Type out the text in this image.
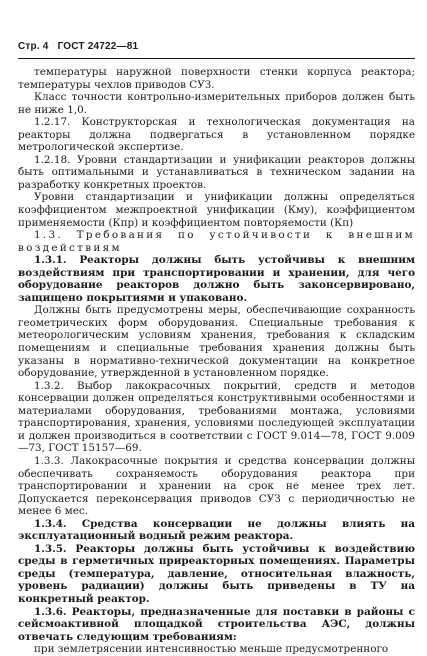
Стр. 4 ГОСТ 24722—81

температуры наружной поверхности стенки корпуса реактора; температуры чехлов приводов СУЗ.

Класс точности контрольно-измерительных приборов должен быть не ниже 1,0.

1.2.17. Конструкторская и технологическая документация на реакторы должна подвергаться в установленном порядке метрологической экспертизе.

1.2.18. Уровни стандартизации и унификации реакторов должны быть оптимальными и устанавливаться в техническом задании на разработку конкретных проектов.

Уровни стандартизации и унификации должны определяться коэффициентом межпроектной унификации (Кму), коэффициентом применяемости (Кпр) и коэффициентом повторяемости (Кп)

1.3. Требования по устойчивости к внешним воздействиям

1.3.1. Реакторы должны быть устойчивы к внешним воздействиям при транспортировании и хранении, для чего оборудование реакторов должно быть законсервировано, защищено покрытиями и упаковано.

Должны быть предусмотрены меры, обеспечивающие сохранность геометрических форм оборудования. Специальные требования к метеорологическим условиям хранения, требования к складским помещениям и специальные требования хранения должны быть указаны в нормативно-технической документации на конкретное оборудование, утвержденной в установленном порядке.

1.3.2. Выбор лакокрасочных покрытий, средств и методов консервации должен определяться конструктивными особенностями и материалами оборудования, требованиями монтажа, условиями транспортирования, хранения, условиями последующей эксплуатации и должен производиться в соответствии с ГОСТ 9.014—78, ГОСТ 9.009—73, ГОСТ 15157—69.

1.3.3. Лакокрасочные покрытия и средства консервации должны обеспечивать сохраняемость оборудования реактора при транспортировании и хранении на срок не менее трех лет. Допускается переконсервация приводов СУЗ с периодичностью не менее 6 мес.

1.3.4. Средства консервации не должны влиять на эксплуатационный водный режим реактора.

1.3.5. Реакторы должны быть устойчивы к воздействию среды в герметичных приреакторных помещениях. Параметры среды (температура, давление, относительная влажность, уровень радиации) должны быть приведены в ТУ на конкретный реактор.

1.3.6. Реакторы, предназначенные для поставки в районы с сейсмоактивной площадкой строительства АЭС, должны отвечать следующим требованиям:

при землетрясении интенсивностью меньше предусмотренного
